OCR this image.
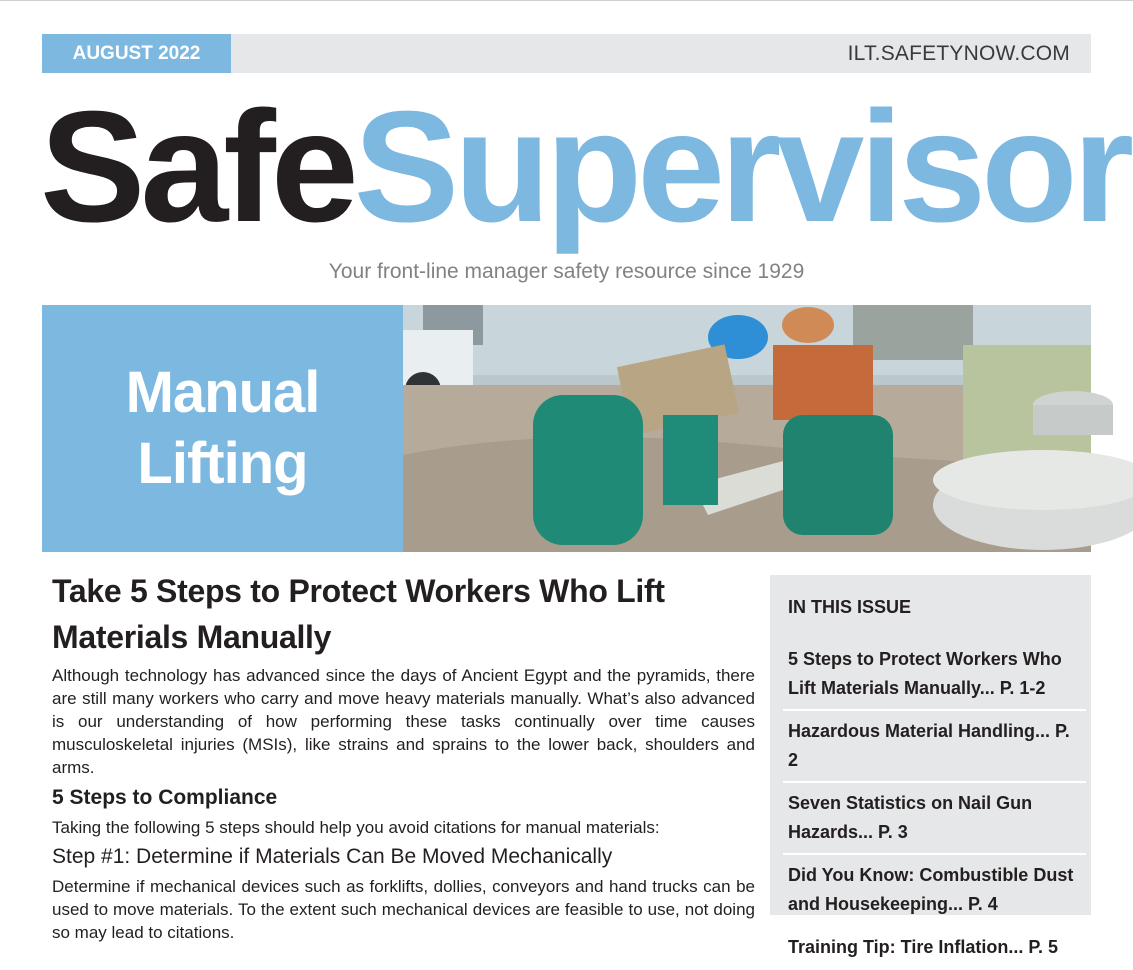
AUGUST 2022	ILT.SAFETYNOW.COM
SafeSupervisor
Your front-line manager safety resource since 1929
Manual
Lifting
Take 5 Steps to Protect Workers Who Lift Materials Manually
Although technology has advanced since the days of Ancient Egypt and the pyramids, there are still many workers who carry and move heavy materials manually. What’s also advanced is our understanding of how performing these tasks continually over time causes musculoskeletal injuries (MSIs), like strains and sprains to the lower back, shoulders and arms.
5 Steps to Compliance
Taking the following 5 steps should help you avoid citations for manual materials:
Step #1: Determine if Materials Can Be Moved Mechanically
Determine if mechanical devices such as forklifts, dollies, conveyors and hand trucks can be used to move materials. To the extent such mechanical devices are feasible to use, not doing so may lead to citations.
IN THIS ISSUE
5 Steps to Protect Workers Who Lift Materials Manually... P. 1-2
Hazardous Material Handling... P. 2
Seven Statistics on Nail Gun Hazards... P. 3
Did You Know: Combustible Dust and Housekeeping... P. 4
Training Tip: Tire Inflation... P. 5
